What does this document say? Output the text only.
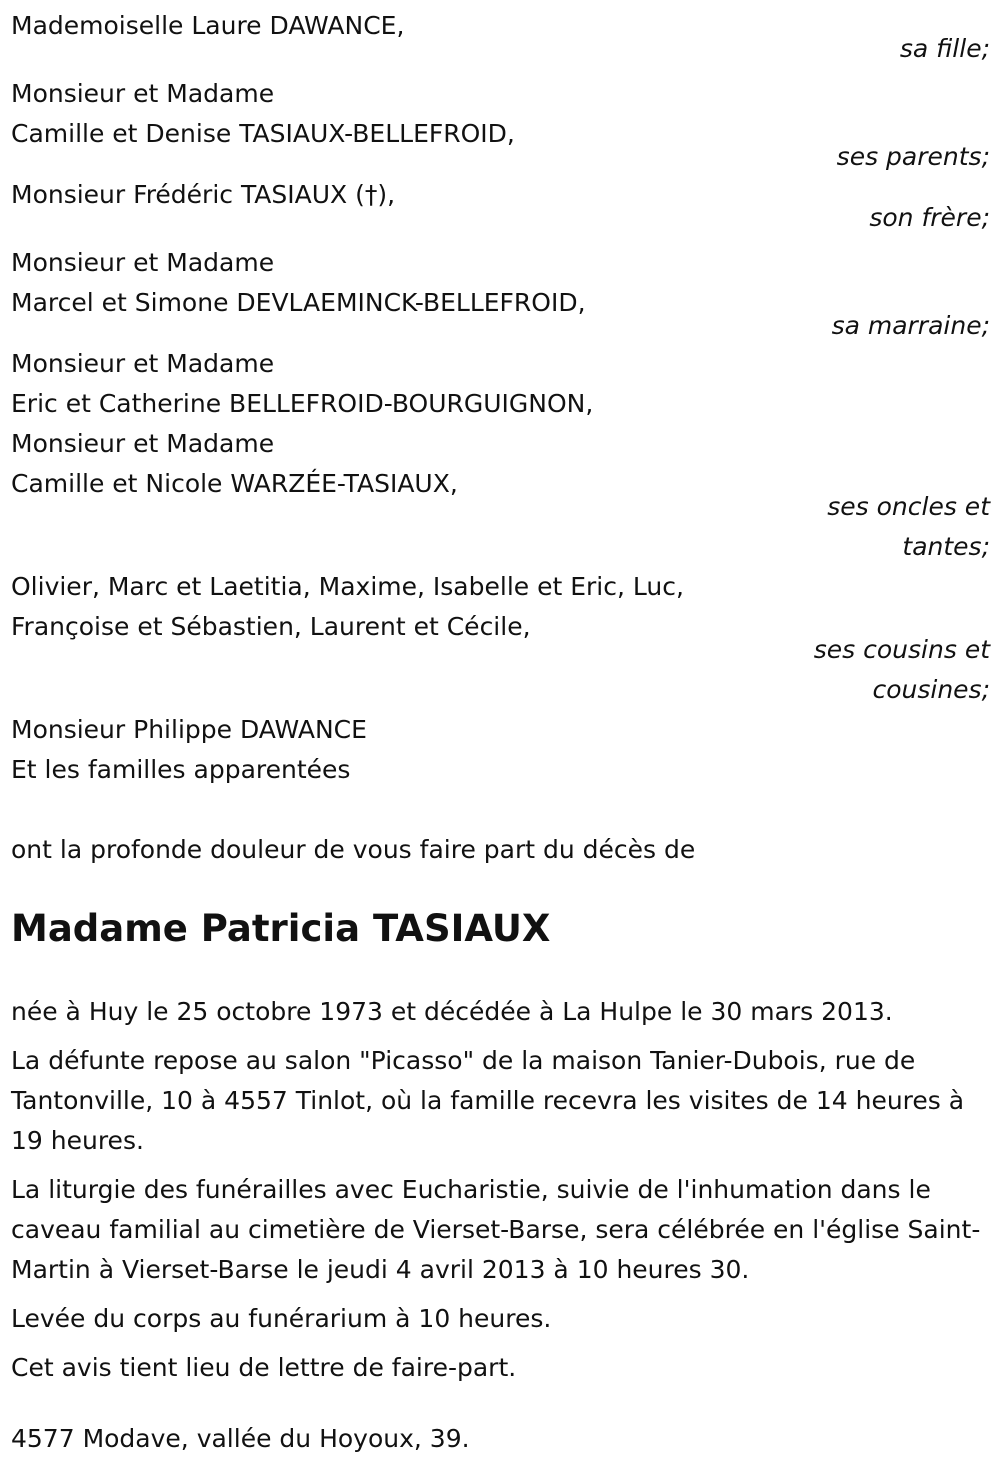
Mademoiselle Laure DAWANCE,
sa fille;
Monsieur et Madame
Camille et Denise TASIAUX-BELLEFROID,
ses parents;
Monsieur Frédéric TASIAUX (†),
son frère;
Monsieur et Madame
Marcel et Simone DEVLAEMINCK-BELLEFROID,
sa marraine;
Monsieur et Madame
Eric et Catherine BELLEFROID-BOURGUIGNON,
Monsieur et Madame
Camille et Nicole WARZÉE-TASIAUX,
ses oncles et
tantes;
Olivier, Marc et Laetitia, Maxime, Isabelle et Eric, Luc,
Françoise et Sébastien, Laurent et Cécile,
ses cousins et
cousines;
Monsieur Philippe DAWANCE
Et les familles apparentées
ont la profonde douleur de vous faire part du décès de
Madame Patricia TASIAUX
née à Huy le 25 octobre 1973 et décédée à La Hulpe le 30 mars 2013.
La défunte repose au salon "Picasso" de la maison Tanier-Dubois, rue de Tantonville, 10 à 4557 Tinlot, où la famille recevra les visites de 14 heures à 19 heures.
La liturgie des funérailles avec Eucharistie, suivie de l'inhumation dans le caveau familial au cimetière de Vierset-Barse, sera célébrée en l'église Saint-Martin à Vierset-Barse le jeudi 4 avril 2013 à 10 heures 30.
Levée du corps au funérarium à 10 heures.
Cet avis tient lieu de lettre de faire-part.
4577 Modave, vallée du Hoyoux, 39.
